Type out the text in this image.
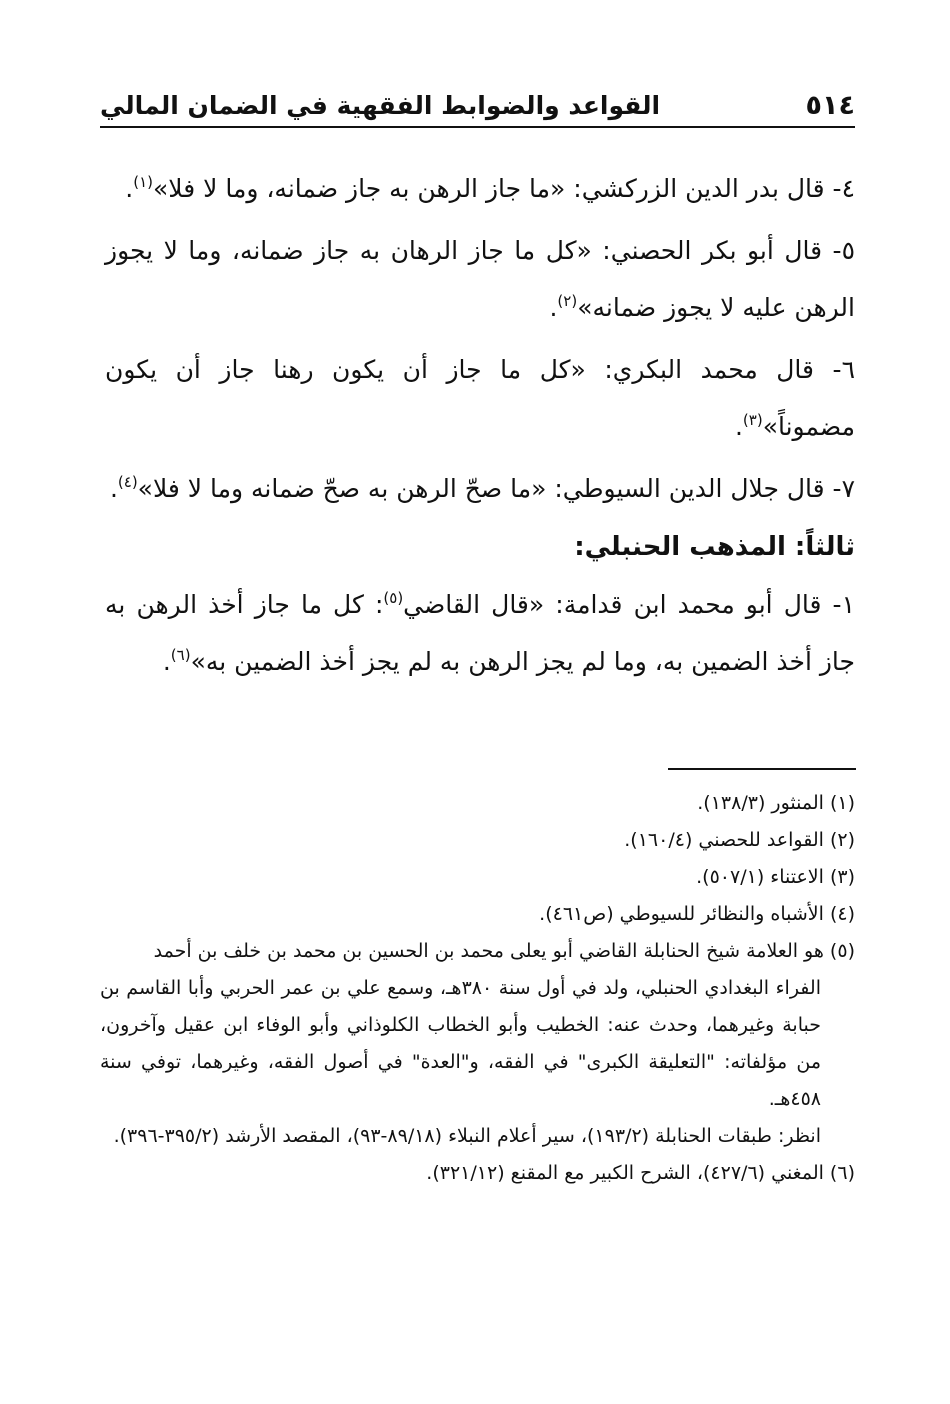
٥١٤
القواعد والضوابط الفقهية في الضمان المالي

٤- قال بدر الدين الزركشي: «ما جاز الرهن به جاز ضمانه، وما لا فلا»$^{(١)}$.

٥- قال أبو بكر الحصني: «كل ما جاز الرهان به جاز ضمانه، وما لا يجوز الرهن عليه لا يجوز ضمانه»$^{(٢)}$.

٦- قال محمد البكري: «كل ما جاز أن يكون رهنا جاز أن يكون مضموناً»$^{(٣)}$.

٧- قال جلال الدين السيوطي: «ما صحّ الرهن به صحّ ضمانه وما لا فلا»$^{(٤)}$.

ثالثاً: المذهب الحنبلي:

١- قال أبو محمد ابن قدامة: «قال القاضي$^{(٥)}$: كل ما جاز أخذ الرهن به جاز أخذ الضمين به، وما لم يجز الرهن به لم يجز أخذ الضمين به»$^{(٦)}$.

(١) المنثور (١٣٨/٣).

(٢) القواعد للحصني (١٦٠/٤).

(٣) الاعتناء (٥٠٧/١).

(٤) الأشباه والنظائر للسيوطي (ص٤٦١).

(٥) هو العلامة شيخ الحنابلة القاضي أبو يعلى محمد بن الحسين بن محمد بن خلف بن أحمد

الفراء البغدادي الحنبلي، ولد في أول سنة ٣٨٠هـ، وسمع علي بن عمر الحربي وأبا القاسم بن حبابة وغيرهما، وحدث عنه: الخطيب وأبو الخطاب الكلوذاني وأبو الوفاء ابن عقيل وآخرون، من مؤلفاته: "التعليقة الكبرى" في الفقه، و"العدة" في أصول الفقه، وغيرهما، توفي سنة ٤٥٨هـ.

انظر: طبقات الحنابلة (١٩٣/٢)، سير أعلام النبلاء (٨٩/١٨-٩٣)، المقصد الأرشد (٣٩٥/٢-٣٩٦).

(٦) المغني (٤٢٧/٦)، الشرح الكبير مع المقنع (٣٢١/١٢).
